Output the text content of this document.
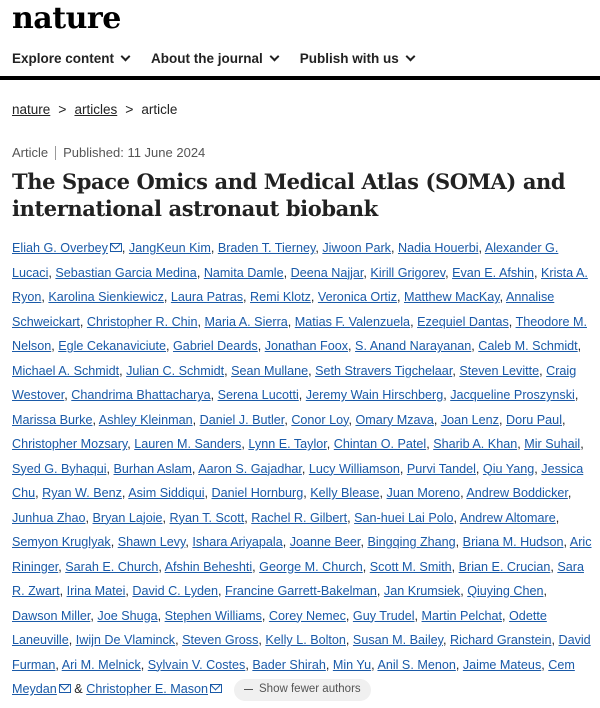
nature
Explore content	About the journal	Publish with us
nature > articles > article
Article Published: 11 June 2024
The Space Omics and Medical Atlas (SOMA) and international astronaut biobank
Eliah G. Overbey , JangKeun Kim, Braden T. Tierney, Jiwoon Park, Nadia Houerbi, Alexander G. Lucaci, Sebastian Garcia Medina, Namita Damle, Deena Najjar, Kirill Grigorev, Evan E. Afshin, Krista A. Ryon, Karolina Sienkiewicz, Laura Patras, Remi Klotz, Veronica Ortiz, Matthew MacKay, Annalise Schweickart, Christopher R. Chin, Maria A. Sierra, Matias F. Valenzuela, Ezequiel Dantas, Theodore M. Nelson, Egle Cekanaviciute, Gabriel Deards, Jonathan Foox, S. Anand Narayanan, Caleb M. Schmidt, Michael A. Schmidt, Julian C. Schmidt, Sean Mullane, Seth Stravers Tigchelaar, Steven Levitte, Craig Westover, Chandrima Bhattacharya, Serena Lucotti, Jeremy Wain Hirschberg, Jacqueline Proszynski, Marissa Burke, Ashley Kleinman, Daniel J. Butler, Conor Loy, Omary Mzava, Joan Lenz, Doru Paul, Christopher Mozsary, Lauren M. Sanders, Lynn E. Taylor, Chintan O. Patel, Sharib A. Khan, Mir Suhail, Syed G. Byhaqui, Burhan Aslam, Aaron S. Gajadhar, Lucy Williamson, Purvi Tandel, Qiu Yang, Jessica Chu, Ryan W. Benz, Asim Siddiqui, Daniel Hornburg, Kelly Blease, Juan Moreno, Andrew Boddicker, Junhua Zhao, Bryan Lajoie, Ryan T. Scott, Rachel R. Gilbert, San-huei Lai Polo, Andrew Altomare, Semyon Kruglyak, Shawn Levy, Ishara Ariyapala, Joanne Beer, Bingqing Zhang, Briana M. Hudson, Aric Rininger, Sarah E. Church, Afshin Beheshti, George M. Church, Scott M. Smith, Brian E. Crucian, Sara R. Zwart, Irina Matei, David C. Lyden, Francine Garrett-Bakelman, Jan Krumsiek, Qiuying Chen, Dawson Miller, Joe Shuga, Stephen Williams, Corey Nemec, Guy Trudel, Martin Pelchat, Odette Laneuville, Iwijn De Vlaminck, Steven Gross, Kelly L. Bolton, Susan M. Bailey, Richard Granstein, David Furman, Ari M. Melnick, Sylvain V. Costes, Bader Shirah, Min Yu, Anil S. Menon, Jaime Mateus, Cem Meydan & Christopher E. Mason	Show fewer authors
